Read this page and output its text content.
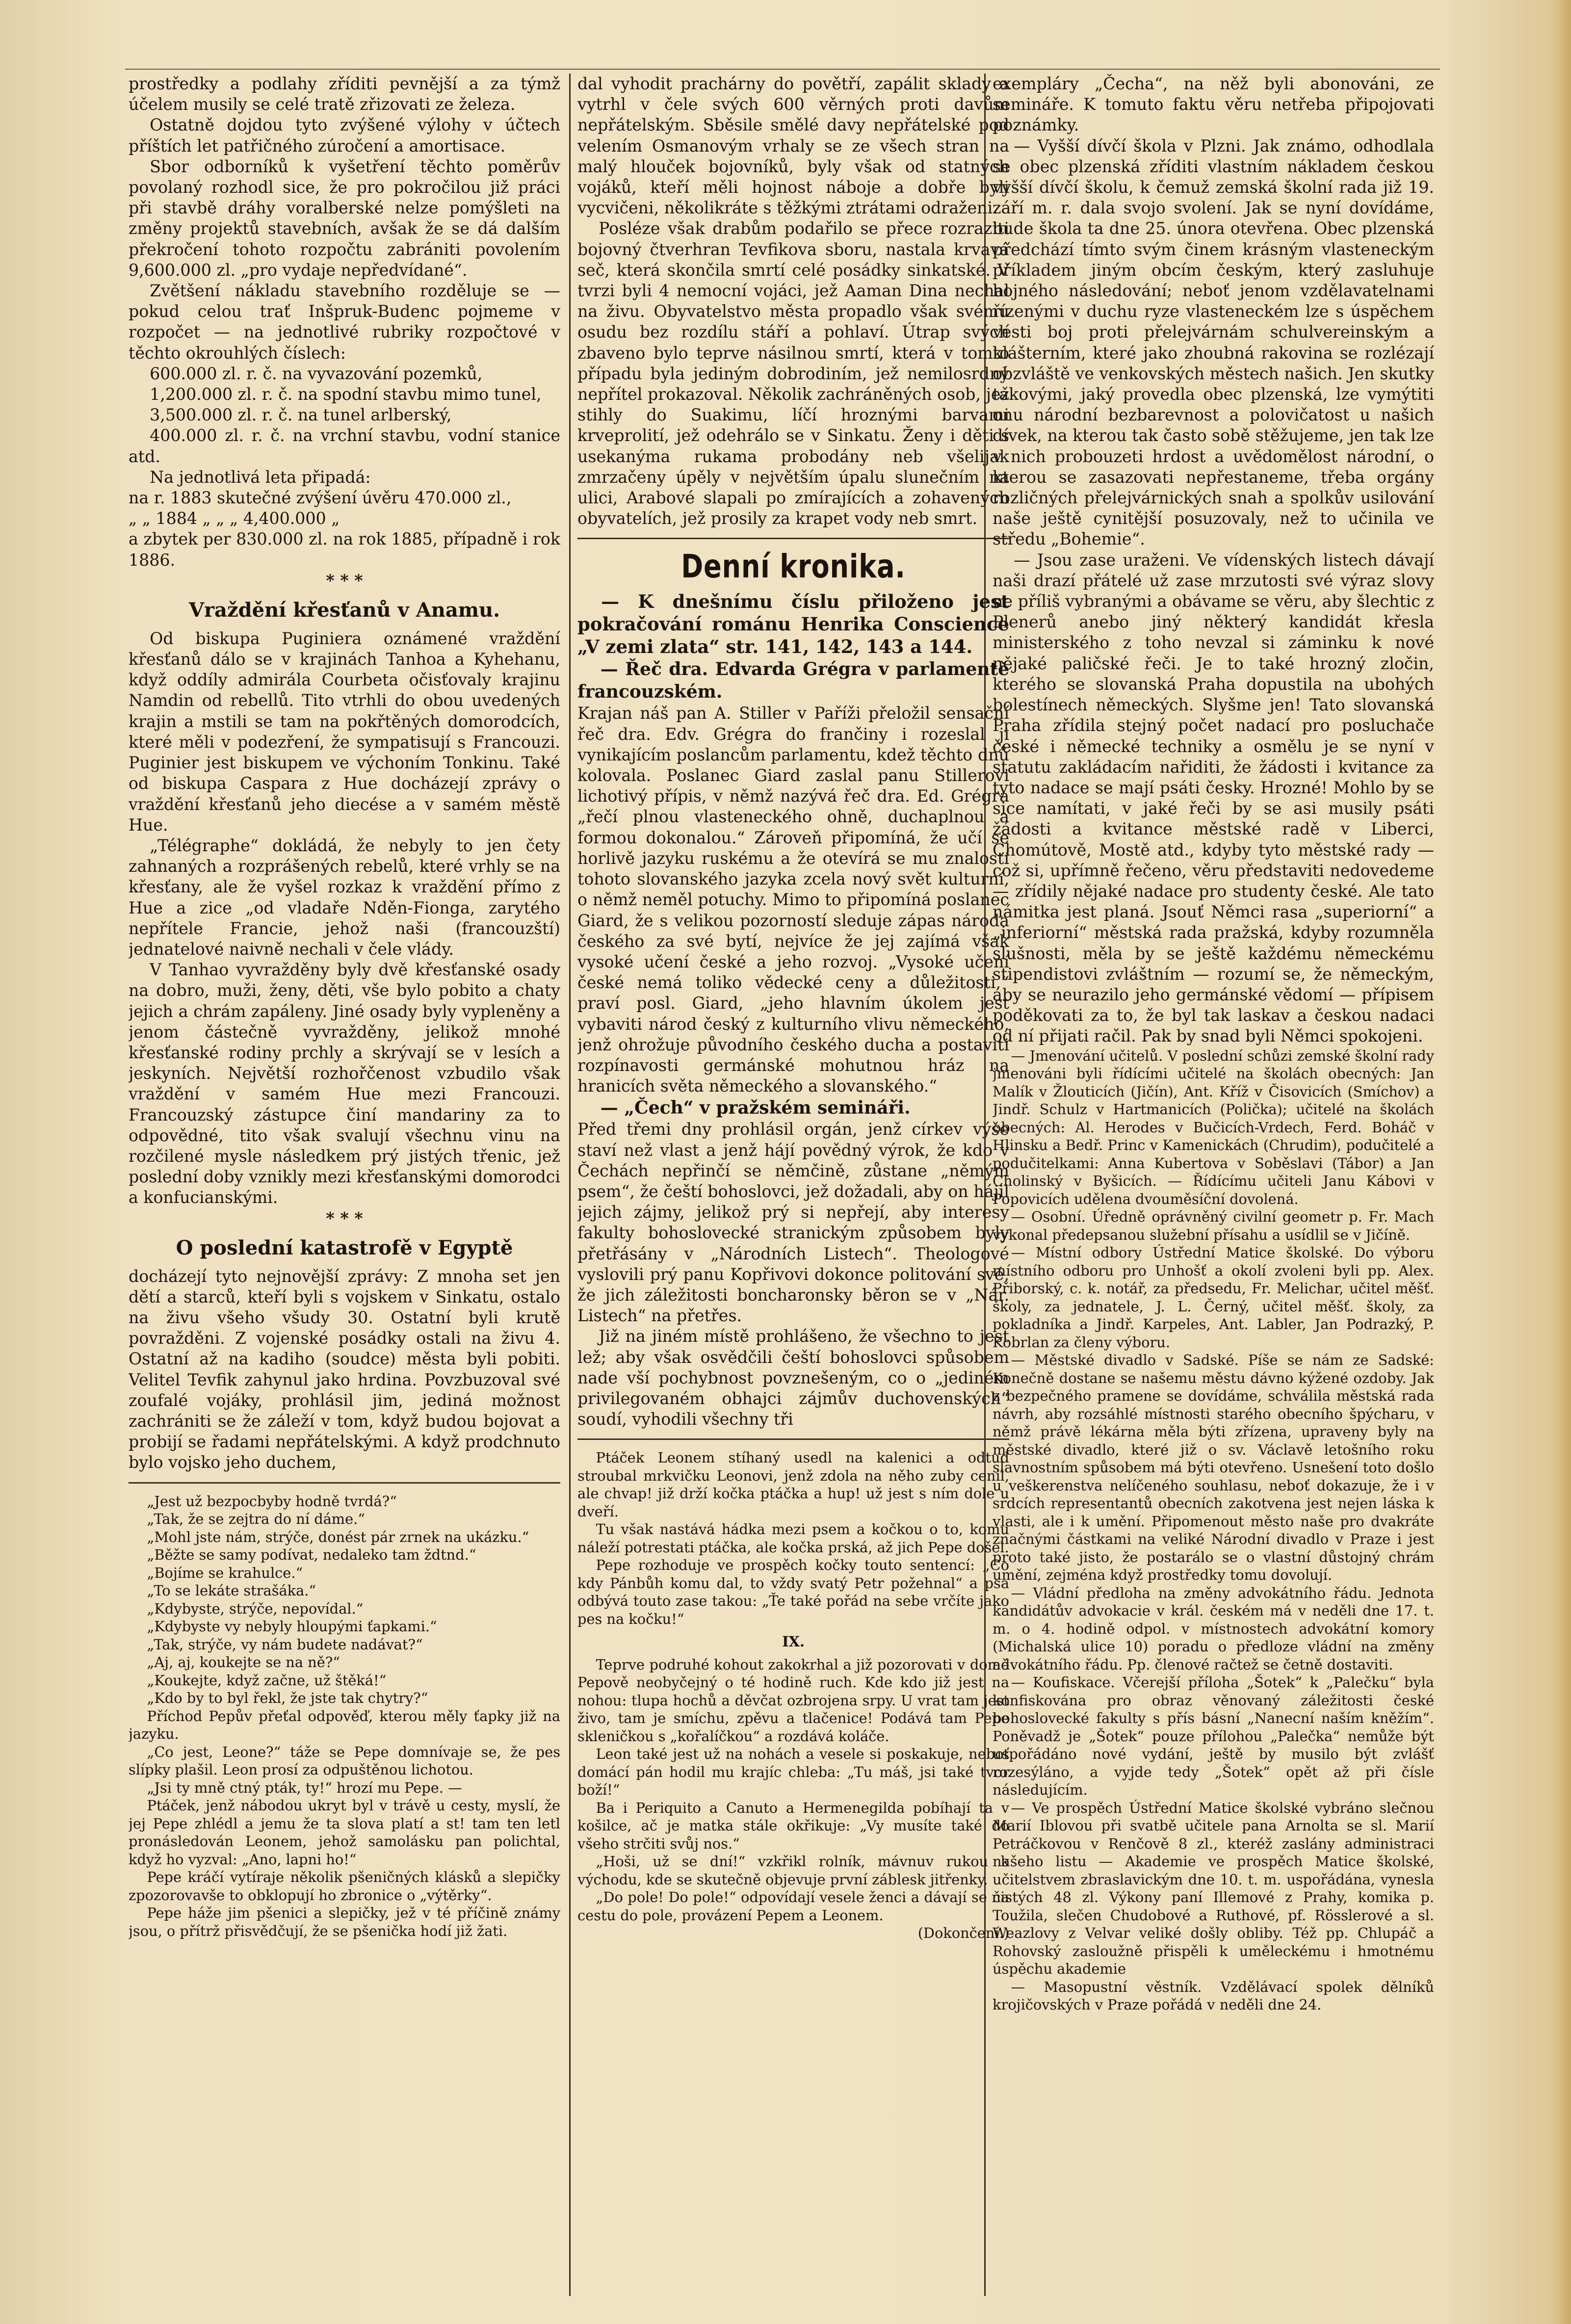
prostředky a podlahy zříditi pevnější a za týmž účelem musily se celé tratě zřizovati ze železa.

Ostatně dojdou tyto zvýšené výlohy v účtech příštích let patřičného zúročení a amortisace.

Sbor odborníků k vyšetření těchto poměrův povolaný rozhodl sice, že pro pokročilou již práci při stavbě dráhy voralberské nelze pomýšleti na změny projektů stavebních, avšak že se dá dalším překročení tohoto rozpočtu zabrániti povolením 9,600.000 zl. „pro vydaje nepředvídané“.

Zvětšení nákladu stavebního rozděluje se — pokud celou trať Inšpruk-Budenc pojmeme v rozpočet — na jednotlivé rubriky rozpočtové v těchto okrouhlých číslech:

600.000 zl. r. č. na vyvazování pozemků,

1,200.000 zl. r. č. na spodní stavbu mimo tunel,

3,500.000 zl. r. č. na tunel arlberský,

400.000 zl. r. č. na vrchní stavbu, vodní stanice atd.

Na jednotlivá leta připadá:

na r. 1883 skutečné zvýšení úvěru 470.000 zl.,

„ „ 1884 „ „ „ 4,400.000 „

a zbytek per 830.000 zl. na rok 1885, případně i rok 1886.

* * *
Vraždění křesťanů v Anamu.

Od biskupa Puginiera oznámené vraždění křesťanů dálo se v krajinách Tanhoa a Kyhehanu, když oddíly admirála Courbeta očisťovaly krajinu Namdin od rebellů. Tito vtrhli do obou uvedených krajin a mstili se tam na pokřtěných domorodcích, které měli v podezření, že sympatisují s Francouzi. Puginier jest biskupem ve výchoním Tonkinu. Také od biskupa Caspara z Hue docházejí zprávy o vraždění křesťanů jeho diecése a v samém městě Hue.

„Télégraphe“ dokládá, že nebyly to jen čety zahnaných a rozprášených rebelů, které vrhly se na křesťany, ale že vyšel rozkaz k vraždění přímo z Hue a zice „od vladaře Nděn-Fionga, zarytého nepřítele Francie, jehož naši (francouzští) jednatelové naivně nechali v čele vlády.

V Tanhao vyvražděny byly dvě křesťanské osady na dobro, muži, ženy, děti, vše bylo pobito a chaty jejich a chrám zapáleny. Jiné osady byly vypleněny a jenom částečně vyvražděny, jelikož mnohé křesťanské rodiny prchly a skrývají se v lesích a jeskyních. Největší rozhořčenost vzbudilo však vraždění v samém Hue mezi Francouzi. Francouzský zástupce činí mandariny za to odpovědné, tito však svalují všechnu vinu na rozčilené mysle následkem prý jistých třenic, jež poslední doby vznikly mezi křesťanskými domorodci a konfucianskými.

* * *
O poslední katastrofě v Egyptě

docházejí tyto nejnovější zprávy: Z mnoha set jen dětí a starců, kteří byli s vojskem v Sinkatu, ostalo na živu všeho všudy 30. Ostatní byli krutě povražděni. Z vojenské posádky ostali na živu 4. Ostatní až na kadiho (soudce) města byli pobiti. Velitel Tevfik zahynul jako hrdina. Povzbuzoval své zoufalé vojáky, prohlásil jim, jediná možnost zachrániti se že záleží v tom, když budou bojovat a probijí se řadami nepřátelskými. A když prodchnuto bylo vojsko jeho duchem,

„Jest už bezpocbyby hodně tvrdá?“

„Tak, že se zejtra do ní dáme.“

„Mohl jste nám, strýče, donést pár zrnek na ukázku.“

„Běžte se samy podívat, nedaleko tam ždtnd.“

„Bojíme se krahulce.“

„To se lekáte strašáka.“

„Kdybyste, strýče, nepovídal.“

„Kdybyste vy nebyly hloupými ťapkami.“

„Tak, strýče, vy nám budete nadávat?“

„Aj, aj, koukejte se na ně?“

„Koukejte, když začne, už štěká!“

„Kdo by to byl řekl, že jste tak chytry?“

Příchod Pepův přeťal odpověď, kterou měly ťapky již na jazyku.

„Co jest, Leone?“ táže se Pepe domnívaje se, že pes slípky plašil. Leon prosí za odpuštěnou lichotou.

„Jsi ty mně ctný pták, ty!“ hrozí mu Pepe. —

Ptáček, jenž nábodou ukryt byl v trávě u cesty, myslí, že jej Pepe zhlédl a jemu že ta slova platí a st! tam ten letl pronásledován Leonem, jehož samolásku pan polichtal, když ho vyzval: „Ano, lapni ho!“

Pepe kráčí vytíraje několik pšeničných klásků a slepičky zpozorovavše to obklopují ho zbronice o „výtěrky“.

Pepe háže jim pšenici a slepičky, jež v té příčině známy jsou, o přítrž přisvědčují, že se pšenička hodí již žati.

dal vyhodit prachárny do povětří, zapálit sklady a vytrhl v čele svých 600 věrných proti davům nepřátelským. Sběsile smělé davy nepřátelské pod velením Osmanovým vrhaly se ze všech stran na malý hlouček bojovníků, byly však od statných vojáků, kteří měli hojnost náboje a dobře byli vycvičeni, několikráte s těžkými ztrátami odraženi.

Posléze však drabům podařilo se přece rozraziti bojovný čtverhran Tevfikova sboru, nastala krvavá seč, která skončila smrtí celé posádky sinkatské. V tvrzi byli 4 nemocní vojáci, jež Aaman Dina nechal na živu. Obyvatelstvo města propadlo však svému osudu bez rozdílu stáří a pohlaví. Útrap svých zbaveno bylo teprve násilnou smrtí, která v tomto případu byla jediným dobrodiním, jež nemilosrdný nepřítel prokazoval. Několik zachráněných osob, jež stihly do Suakimu, líčí hroznými barvami krveprolití, jež odehrálo se v Sinkatu. Ženy i děti s usekanýma rukama probodány neb všelijak zmrzačeny úpěly v největším úpalu slunečním na ulici, Arabové slapali po zmírajících a zohavených obyvatelích, jež prosily za krapet vody neb smrt.

Denní kronika.

— K dnešnímu číslu přiloženo jest pokračování románu Henrika Conscience „V zemi zlata“ str. 141, 142, 143 a 144.

— Řeč dra. Edvarda Grégra v parlamentě francouzském.

Krajan náš pan A. Stiller v Paříži přeložil sensační řeč dra. Edv. Grégra do frančiny i rozeslal ji vynikajícím poslancům parlamentu, kdež těchto dnů kolovala. Poslanec Giard zaslal panu Stillerovi lichotivý přípis, v němž nazývá řeč dra. Ed. Grégra „řečí plnou vlasteneckého ohně, duchaplnou a formou dokonalou.“ Zároveň připomíná, že učí se horlivě jazyku ruskému a že otevírá se mu znalostí tohoto slovanského jazyka zcela nový svět kulturní, o němž neměl potuchy. Mimo to připomíná poslanec Giard, že s velikou pozorností sleduje zápas národa českého za své bytí, nejvíce že jej zajímá však vysoké učení české a jeho rozvoj. „Vysoké učení české nemá toliko vědecké ceny a důležitosti,“ praví posl. Giard, „jeho hlavním úkolem jest vybaviti národ český z kulturního vlivu německého, jenž ohrožuje původního českého ducha a postaviti rozpínavosti germánské mohutnou hráz na hranicích světa německého a slovanského.“

— „Čech“ v pražském semináři.

Před třemi dny prohlásil orgán, jenž církev výše staví než vlast a jenž hájí povědný výrok, že kdo v Čechách nepřinčí se němčině, zůstane „němým psem“, že čeští bohoslovci, jež dožadali, aby on hájil jejich zájmy, jelikož prý si nepřejí, aby interesy fakulty bohoslovecké stranickým způsobem byly přetřásány v „Národních Listech“. Theologové vyslovili prý panu Kopřivovi dokonce politování své, že jich záležitosti boncharonsky běron se v „Nár. Listech“ na přetřes.

Již na jiném místě prohlášeno, že všechno to jest lež; aby však osvědčili čeští bohoslovci spůsobem nade vší pochybnost povznešeným, co o „jediném privilegovaném obhajci zájmův duchovenských“ soudí, vyhodili všechny tři

Ptáček Leonem stíhaný usedl na kalenici a odtud stroubal mrkvičku Leonovi, jenž zdola na něho zuby cenil, ale chvap! již drží kočka ptáčka a hup! už jest s ním dole u dveří.

Tu však nastává hádka mezi psem a kočkou o to, komu náleží potrestati ptáčka, ale kočka prská, až jich Pepe došel.

Pepe rozhoduje ve prospěch kočky touto sentencí: „Co kdy Pánbůh komu dal, to vždy svatý Petr požehnal“ a psa odbývá touto zase takou: „Ťe také pořád na sebe vrčíte jako pes na kočku!“

IX.

Teprve podruhé kohout zakokrhal a již pozorovati v domě Pepově neobyčejný o té hodině ruch. Kde kdo již jest na nohou: tlupa hochů a děvčat ozbrojena srpy. U vrat tam jest živo, tam je smíchu, zpěvu a tlačenice! Podává tam Pepe skleničkou s „kořalíčkou“ a rozdává koláče.

Leon také jest už na nohách a vesele si poskakuje, neboť domácí pán hodil mu krajíc chleba: „Tu máš, jsi také tvor boží!“

Ba i Periquito a Canuto a Hermenegilda pobíhají ta v košilce, ač je matka stále okřikuje: „Vy musíte také do všeho strčiti svůj nos.“

„Hoši, už se dní!“ vzkřikl rolník, mávnuv rukou k východu, kde se skutečně objevuje první záblesk jitřenky.

„Do pole! Do pole!“ odpovídají vesele ženci a dávají se na cestu do pole, provázení Pepem a Leonem.

(Dokončení.)

exempláry „Čecha“, na něž byli abonováni, ze semináře. K tomuto faktu věru netřeba připojovati poznámky.

— Vyšší dívčí škola v Plzni. Jak známo, odhodlala se obec plzenská zříditi vlastním nákladem českou vyšší dívčí školu, k čemuž zemská školní rada již 19. září m. r. dala svojo svolení. Jak se nyní dovídáme, bude škola ta dne 25. února otevřena. Obec plzenská předchází tímto svým činem krásným vlasteneckým příkladem jiným obcím českým, který zasluhuje hojného následování; neboť jenom vzdělavatelnami řízenými v duchu ryze vlasteneckém lze s úspěchem vésti boj proti přelejvárnám schulvereinským a klášterním, které jako zhoubná rakovina se rozlézají obzvláště ve venkovských městech našich. Jen skutky takovými, jaký provedla obec plzenská, lze vymýtiti onu národní bezbarevnost a polovičatost u našich dívek, na kterou tak často sobě stěžujeme, jen tak lze v nich probouzeti hrdost a uvědomělost národní, o kterou se zasazovati nepřestaneme, třeba orgány rozličných přelejvárnických snah a spolkův usilování naše ještě cynitější posuzovaly, než to učinila ve středu „Bohemie“.

— Jsou zase uraženi. Ve vídenských listech dávají naši drazí přátelé už zase mrzutosti své výraz slovy ne příliš vybranými a obávame se věru, aby šlechtic z Plenerů anebo jiný některý kandidát křesla ministerského z toho nevzal si záminku k nové nějaké paličské řeči. Je to také hrozný zločin, kterého se slovanská Praha dopustila na ubohých bolestínech německých. Slyšme jen! Tato slovanská Praha zřídila stejný počet nadací pro posluchače české i německé techniky a osmělu je se nyní v statutu zakládacím nařiditi, že žádosti i kvitance za tyto nadace se mají psáti česky. Hrozné! Mohlo by se sice namítati, v jaké řeči by se asi musily psáti žádosti a kvitance městské radě v Liberci, Chomútově, Mostě atd., kdyby tyto městské rady — což si, upřímně řečeno, věru představiti nedovedeme — zřídily nějaké nadace pro studenty české. Ale tato námitka jest planá. Jsouť Němci rasa „superiorní“ a „inferiorní“ městská rada pražská, kdyby rozumněla slušnosti, měla by se ještě každému německému stipendistovi zvláštním — rozumí se, že německým, aby se neurazilo jeho germánské vědomí — přípisem poděkovati za to, že byl tak laskav a českou nadaci od ní přijati račil. Pak by snad byli Němci spokojeni.

— Jmenování učitelů. V poslední schůzi zemské školní rady jmenováni byli řídícími učitelé na školách obecných: Jan Malík v Žlouticích (Jičín), Ant. Kříž v Čisovicích (Smíchov) a Jindř. Schulz v Hartmanicích (Polička); učitelé na školách obecných: Al. Herodes v Bučicích-Vrdech, Ferd. Boháč v Hlinsku a Bedř. Princ v Kamenickách (Chrudim), podučitelé a podučitelkami: Anna Kubertova v Soběslavi (Tábor) a Jan Cholinský v Byšicích. — Řídícímu učiteli Janu Kábovi v Popovicích udělena dvouměsíční dovolená.

— Osobní. Úředně oprávněný civilní geometr p. Fr. Mach vykonal předepsanou služební přísahu a usídlil se v Jičíně.

— Místní odbory Ústřední Matice školské. Do výboru místního odboru pro Unhošť a okolí zvoleni byli pp. Alex. Přiborský, c. k. notář, za předsedu, Fr. Melichar, učitel měšť. školy, za jednatele, J. L. Černý, učitel měšť. školy, za pokladníka a Jindř. Karpeles, Ant. Labler, Jan Podrazký, P. Kobrlan za členy výboru.

— Městské divadlo v Sadské. Píše se nám ze Sadské: Konečně dostane se našemu městu dávno kýžené ozdoby. Jak z bezpečného pramene se dovídáme, schválila městská rada návrh, aby rozsáhlé místnosti starého obecního špýcharu, v němž právě lékárna měla býti zřízena, upraveny byly na městské divadlo, které již o sv. Václavě letošního roku slavnostním spůsobem má býti otevřeno. Usnešení toto došlo u veškerenstva nelíčeného souhlasu, neboť dokazuje, že i v srdcích representantů obecních zakotvena jest nejen láska k vlasti, ale i k umění. Připomenout město naše pro dvakráte značnými částkami na veliké Národní divadlo v Praze i jest proto také jisto, že postarálo se o vlastní důstojný chrám umění, zejména když prostředky tomu dovolují.

— Vládní předloha na změny advokátního řádu. Jednota kandidátův advokacie v král. českém má v neděli dne 17. t. m. o 4. hodině odpol. v místnostech advokátní komory (Michalská ulice 10) poradu o předloze vládní na změny advokátního řádu. Pp. členové račtež se četně dostaviti.

— Koufiskace. Včerejší příloha „Šotek“ k „Palečku“ byla konfiskována pro obraz věnovaný záležitosti české bohoslovecké fakulty s přís básní „Nanecní naším kněžím“. Poněvadž je „Šotek“ pouze přílohou „Palečka“ nemůže být uspořádáno nové vydání, ještě by musilo být zvlášť rozesýláno, a vyjde tedy „Šotek“ opět až při čísle následujícím.

— Ve prospěch Ústřední Matice školské vybráno slečnou Marií Iblovou při svatbě učitele pana Arnolta se sl. Marií Petráčkovou v Renčově 8 zl., kteréž zaslány administraci našeho listu — Akademie ve prospěch Matice školské, učitelstvem zbraslavickým dne 10. t. m. uspořádána, vynesla čistých 48 zl. Výkony paní Illemové z Prahy, komika p. Toužila, slečen Chudobové a Ruthové, pf. Rösslerové a sl. Weazlovy z Velvar veliké došly obliby. Též pp. Chlupáč a Rohovský zasloužně přispěli k uměleckému i hmotnému úspěchu akademie

— Masopustní věstník. Vzdělávací spolek dělníků krojičovských v Praze pořádá v neděli dne 24.
